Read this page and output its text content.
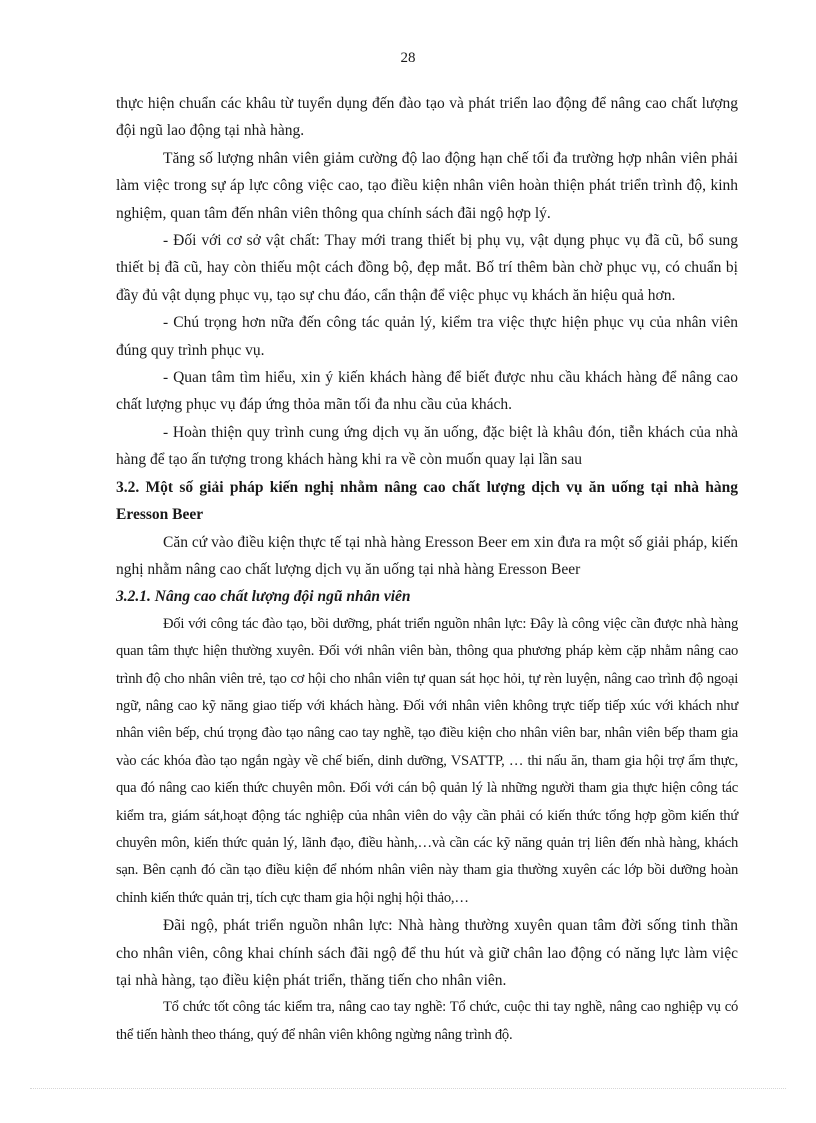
28

thực hiện chuẩn các khâu từ tuyển dụng đến đào tạo và phát triển lao động để nâng cao chất lượng đội ngũ lao động tại nhà hàng.

Tăng số lượng nhân viên giảm cường độ lao động hạn chế tối đa trường hợp nhân viên phải làm việc trong sự áp lực công việc cao, tạo điều kiện nhân viên hoàn thiện phát triển trình độ, kinh nghiệm, quan tâm đến nhân viên thông qua chính sách đãi ngộ hợp lý.

- Đối với cơ sở vật chất: Thay mới trang thiết bị phụ vụ, vật dụng phục vụ đã cũ, bổ sung thiết bị đã cũ, hay còn thiếu một cách đồng bộ, đẹp mắt. Bố trí thêm bàn chờ phục vụ, có chuẩn bị đầy đủ vật dụng phục vụ, tạo sự chu đáo, cẩn thận để việc phục vụ khách ăn hiệu quả hơn.

- Chú trọng hơn nữa đến công tác quản lý, kiểm tra việc thực hiện phục vụ của nhân viên đúng quy trình phục vụ.

- Quan tâm tìm hiểu, xin ý kiến khách hàng để biết được nhu cầu khách hàng để nâng cao chất lượng phục vụ đáp ứng thỏa mãn tối đa nhu cầu của khách.

- Hoàn thiện quy trình cung ứng dịch vụ ăn uống, đặc biệt là khâu đón, tiễn khách của nhà hàng để tạo ấn tượng trong khách hàng khi ra về còn muốn quay lại lần sau

3.2. Một số giải pháp kiến nghị nhằm nâng cao chất lượng dịch vụ ăn uống tại nhà hàng Eresson Beer

Căn cứ vào điều kiện thực tế tại nhà hàng Eresson Beer em xin đưa ra một số giải pháp, kiến nghị nhằm nâng cao chất lượng dịch vụ ăn uống tại nhà hàng Eresson Beer

3.2.1. Nâng cao chất lượng đội ngũ nhân viên

Đối với công tác đào tạo, bồi dưỡng, phát triển nguồn nhân lực: Đây là công việc cần được nhà hàng quan tâm thực hiện thường xuyên. Đối với nhân viên bàn, thông qua phương pháp kèm cặp nhằm nâng cao trình độ cho nhân viên trẻ, tạo cơ hội cho nhân viên tự quan sát học hỏi, tự rèn luyện, nâng cao trình độ ngoại ngữ, nâng cao kỹ năng giao tiếp với khách hàng. Đối với nhân viên không trực tiếp tiếp xúc với khách như nhân viên bếp, chú trọng đào tạo nâng cao tay nghề, tạo điều kiện cho nhân viên bar, nhân viên bếp tham gia vào các khóa đào tạo ngắn ngày về chế biến, dinh dưỡng, VSATTP, … thi nấu ăn, tham gia hội trợ ẩm thực, qua đó nâng cao kiến thức chuyên môn. Đối với cán bộ quản lý là những người tham gia thực hiện công tác kiểm tra, giám sát,hoạt động tác nghiệp của nhân viên do vậy cần phải có kiến thức tổng hợp gồm kiến thứ chuyên môn, kiến thức quản lý, lãnh đạo, điều hành,…và cần các kỹ năng quản trị liên đến nhà hàng, khách sạn. Bên cạnh đó cần tạo điều kiện để nhóm nhân viên này tham gia thường xuyên các lớp bồi dưỡng hoàn chỉnh kiến thức quản trị, tích cực tham gia hội nghị hội thảo,…

Đãi ngộ, phát triển nguồn nhân lực: Nhà hàng thường xuyên quan tâm đời sống tinh thần cho nhân viên, công khai chính sách đãi ngộ để thu hút và giữ chân lao động có năng lực làm việc tại nhà hàng, tạo điều kiện phát triển, thăng tiến cho nhân viên.

Tổ chức tốt công tác kiểm tra, nâng cao tay nghề: Tổ chức, cuộc thi tay nghề, nâng cao nghiệp vụ có thể tiến hành theo tháng, quý để nhân viên không ngừng nâng trình độ.
